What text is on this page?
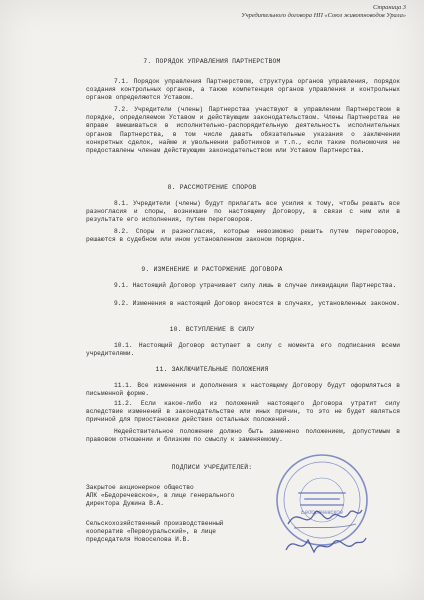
Страница 3
Учредительного договора НП «Союз животноводов Урала»
7. ПОРЯДОК УПРАВЛЕНИЯ ПАРТНЕРСТВОМ
7.1. Порядок управления Партнерством, структура органов управления, порядок создания контрольных органов, а также компетенция органов управления и контрольных органов определяются Уставом.
7.2. Учредители (члены) Партнерства участвуют в управлении Партнерством в порядке, определяемом Уставом и действующим законодательством. Члены Партнерства не вправе вмешиваться в исполнительно-распорядительную деятельность исполнительных органов Партнерства, в том числе давать обязательные указания о заключении конкретных сделок, найме и увольнении работников и т.п., если такие полномочия не предоставлены членам действующим законодательством или Уставом Партнерства.
8. РАССМОТРЕНИЕ СПОРОВ
8.1. Учредители (члены) будут прилагать все усилия к тому, чтобы решать все разногласия и споры, возникшие по настоящему Договору, в связи с ним или в результате его исполнения, путем переговоров.
8.2. Споры и разногласия, которые невозможно решить путем переговоров, решаются в судебном или ином установленном законом порядке.
9. ИЗМЕНЕНИЕ И РАСТОРЖЕНИЕ ДОГОВОРА
9.1. Настоящий Договор утрачивает силу лишь в случае ликвидации Партнерства.
9.2. Изменения в настоящий Договор вносятся в случаях, установленных законом.
10. ВСТУПЛЕНИЕ В СИЛУ
10.1. Настоящий Договор вступает в силу с момента его подписания всеми учредителями.
11. ЗАКЛЮЧИТЕЛЬНЫЕ ПОЛОЖЕНИЯ
11.1. Все изменения и дополнения к настоящему Договору будут оформляться в письменной форме.
11.2. Если какое-либо из положений настоящего Договора утратит силу вследствие изменений в законодательстве или иных причин, то это не будет являться причиной для приостановки действия остальных положений.
Недействительное положение должно быть заменено положением, допустимым в правовом отношении и близким по смыслу к заменяемому.
ПОДПИСИ УЧРЕДИТЕЛЕЙ:
Закрытое акционерное общество
АПК «Бедоречевское», в лице генерального
директора Дужина В.А.
Сельскохозяйственный производственный
кооператив «Первоуральский», в лице
председателя Новоселова И.В.
Бедоречевское
